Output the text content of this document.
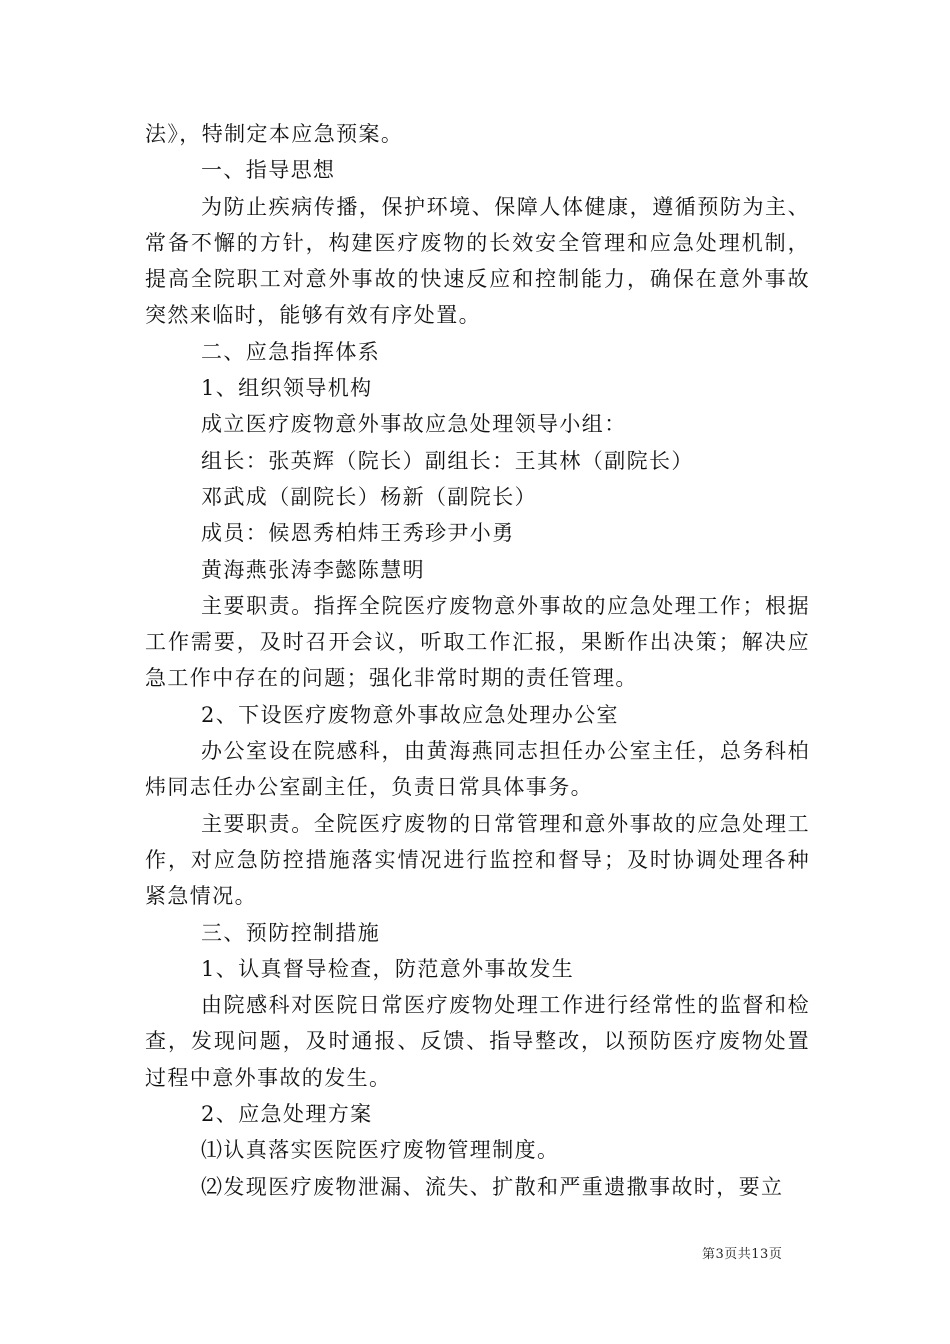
法》，特制定本应急预案。

一、指导思想

为防止疾病传播，保护环境、保障人体健康，遵循预防为主、常备不懈的方针，构建医疗废物的长效安全管理和应急处理机制，提高全院职工对意外事故的快速反应和控制能力，确保在意外事故突然来临时，能够有效有序处置。

二、应急指挥体系

1、组织领导机构

成立医疗废物意外事故应急处理领导小组：

组长：张英辉（院长）副组长：王其林（副院长）

邓武成（副院长）杨新（副院长）

成员：候恩秀柏炜王秀珍尹小勇

黄海燕张涛李懿陈慧明

主要职责。指挥全院医疗废物意外事故的应急处理工作；根据工作需要，及时召开会议，听取工作汇报，果断作出决策；解决应急工作中存在的问题；强化非常时期的责任管理。

2、下设医疗废物意外事故应急处理办公室

办公室设在院感科，由黄海燕同志担任办公室主任，总务科柏炜同志任办公室副主任，负责日常具体事务。

主要职责。全院医疗废物的日常管理和意外事故的应急处理工作，对应急防控措施落实情况进行监控和督导；及时协调处理各种紧急情况。

三、预防控制措施

1、认真督导检查，防范意外事故发生

由院感科对医院日常医疗废物处理工作进行经常性的监督和检查，发现问题，及时通报、反馈、指导整改，以预防医疗废物处置过程中意外事故的发生。

2、应急处理方案

⑴认真落实医院医疗废物管理制度。

⑵发现医疗废物泄漏、流失、扩散和严重遗撒事故时，要立

第3页共13页
